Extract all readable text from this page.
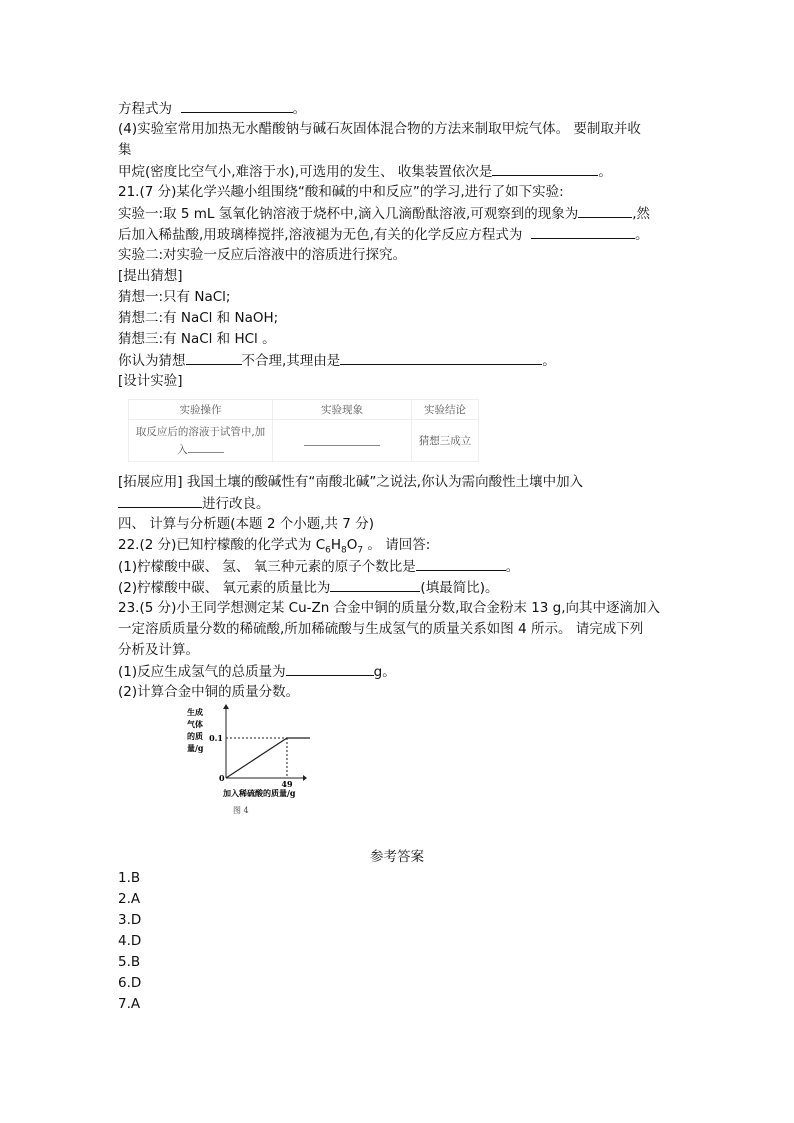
方程式为	。
(4)实验室常用加热无水醋酸钠与碱石灰固体混合物的方法来制取甲烷气体。 要制取并收
集
甲烷(密度比空气小,难溶于水),可选用的发生、 收集装置依次是	。
21.(7 分)某化学兴趣小组围绕“酸和碱的中和反应”的学习,进行了如下实验:
实验一:取 5 mL 氢氧化钠溶液于烧杯中,滴入几滴酚酞溶液,可观察到的现象为	,然
后加入稀盐酸,用玻璃棒搅拌,溶液褪为无色,有关的化学反应方程式为	。
实验二:对实验一反应后溶液中的溶质进行探究。
[提出猜想]
猜想一:只有 NaCl;
猜想二:有 NaCl 和 NaOH;
猜想三:有 NaCl 和 HCl 。
你认为猜想	不合理,其理由是	。
[设计实验]
实验操作	实验现象	实验结论

取反应后的溶液于试管中,加
入		猜想三成立
[拓展应用] 我国土壤的酸碱性有“南酸北碱”之说法,你认为需向酸性土壤中加入
进行改良。
四、 计算与分析题(本题 2 个小题,共 7 分)
22.(2 分)已知柠檬酸的化学式为 $C_6H_8O_7$ 。 请回答:
(1)柠檬酸中碳、 氢、 氧三种元素的原子个数比是	。
(2)柠檬酸中碳、 氧元素的质量比为	(填最简比)。
23.(5 分)小王同学想测定某 Cu-Zn 合金中铜的质量分数,取合金粉末 13 g,向其中逐滴加入
一定溶质质量分数的稀硫酸,所加稀硫酸与生成氢气的质量关系如图 4 所示。 请完成下列
分析及计算。
(1)反应生成氢气的总质量为	g。
(2)计算合金中铜的质量分数。
生成
气体
的质
量/g
0
49
0.1
加入稀硫酸的质量/g
图 4
参考答案
1.B
2.A
3.D
4.D
5.B
6.D
7.A
